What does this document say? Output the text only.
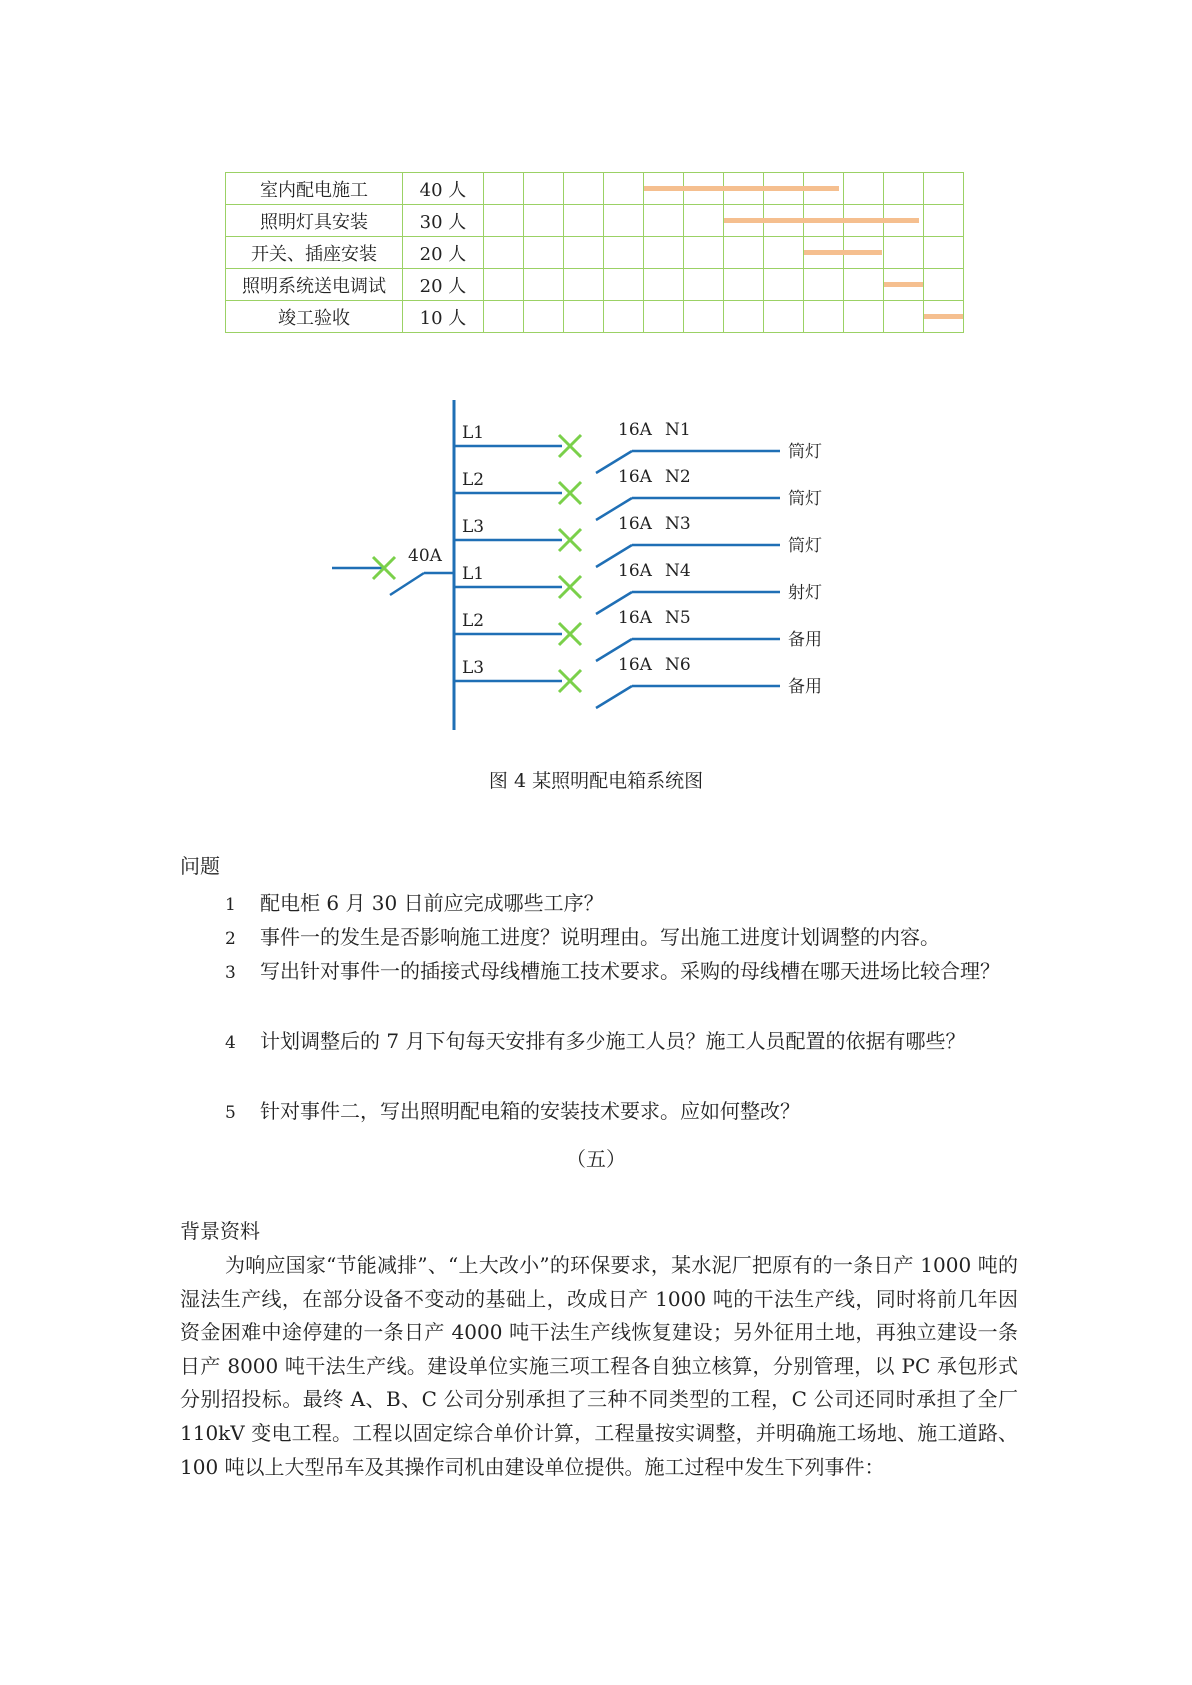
室内配电施工	40 人					

照明灯具安装	30 人							

开关、插座安装	20 人									

照明系统送电调试	20 人											

竣工验收	10 人												
40A
L1	16A N1
筒灯
L2	16A N2
筒灯
L3	16A N3
筒灯
L1	16A N4
射灯
L2	16A N5
备用
L3	16A N6
备用
图 4 某照明配电箱系统图
问题
1 配电柜 6 月 30 日前应完成哪些工序？
2 事件一的发生是否影响施工进度？说明理由。写出施工进度计划调整的内容。
3 写出针对事件一的插接式母线槽施工技术要求。采购的母线槽在哪天进场比较合理？
4 计划调整后的 7 月下旬每天安排有多少施工人员？施工人员配置的依据有哪些？
5 针对事件二，写出照明配电箱的安装技术要求。应如何整改？
（五）
背景资料
为响应国家“节能减排”、“上大改小”的环保要求，某水泥厂把原有的一条日产 1000 吨的湿法生产线，在部分设备不变动的基础上，改成日产 1000 吨的干法生产线，同时将前几年因资金困难中途停建的一条日产 4000 吨干法生产线恢复建设；另外征用土地，再独立建设一条日产 8000 吨干法生产线。建设单位实施三项工程各自独立核算，分别管理，以 PC 承包形式分别招投标。最终 A、B、C 公司分别承担了三种不同类型的工程，C 公司还同时承担了全厂 110kV 变电工程。工程以固定综合单价计算，工程量按实调整，并明确施工场地、施工道路、100 吨以上大型吊车及其操作司机由建设单位提供。施工过程中发生下列事件：
